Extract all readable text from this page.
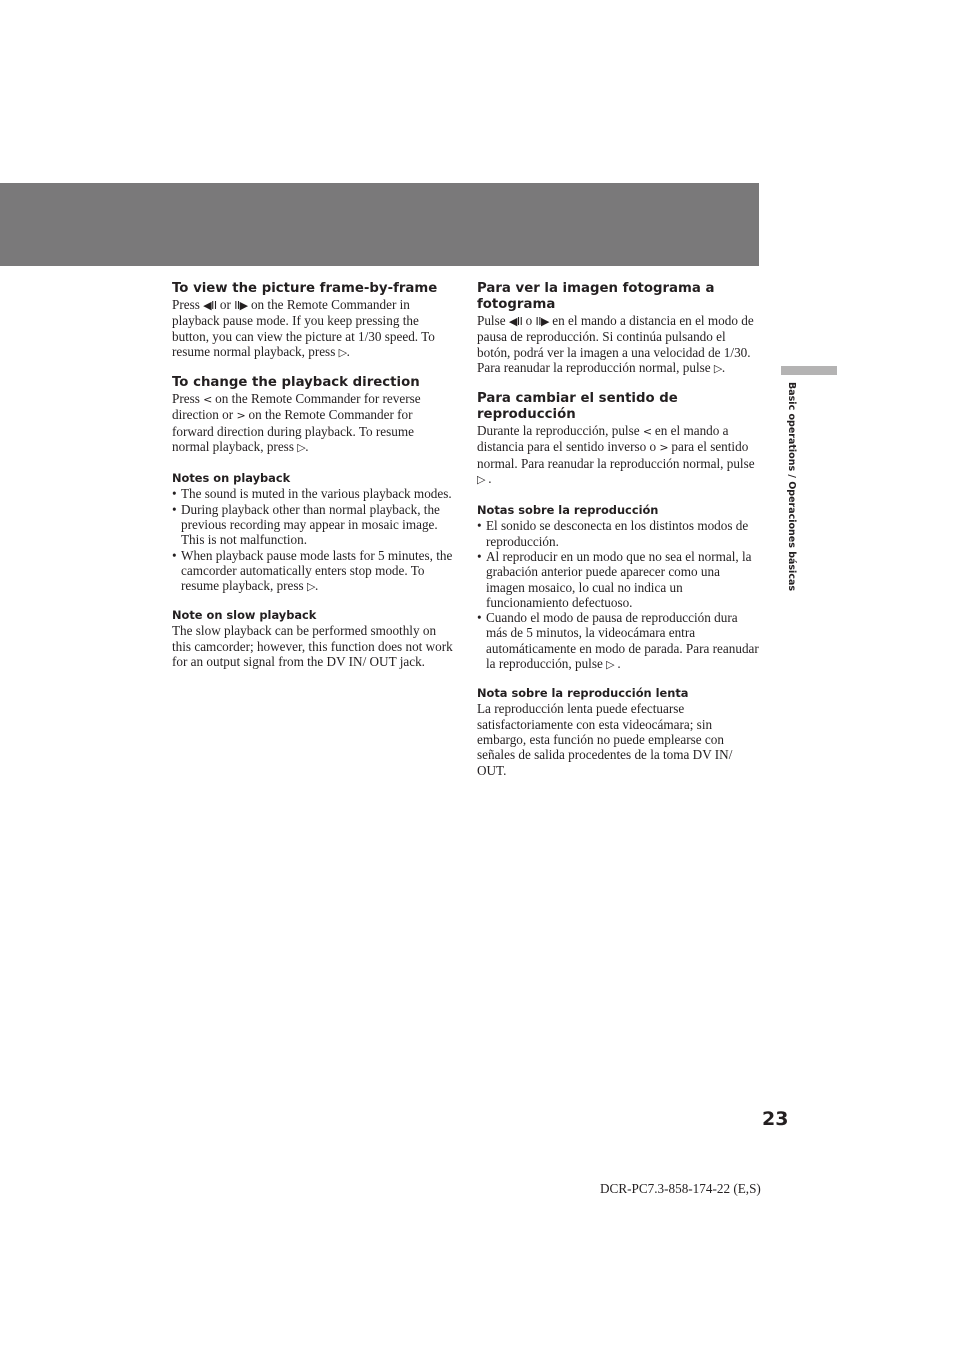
Basic operations / Operaciones básicas
To view the picture frame-by-frame

Press ◀II or II▶ on the Remote Commander in playback pause mode. If you keep pressing the button, you can view the picture at 1/30 speed. To resume normal playback, press ▷.

To change the playback direction

Press < on the Remote Commander for reverse direction or > on the Remote Commander for forward direction during playback. To resume normal playback, press ▷.

Notes on playback
• The sound is muted in the various playback modes.
• During playback other than normal playback, the previous recording may appear in mosaic image. This is not malfunction.
• When playback pause mode lasts for 5 minutes, the camcorder automatically enters stop mode. To resume playback, press ▷.
Note on slow playback

The slow playback can be performed smoothly on this camcorder; however, this function does not work for an output signal from the DV IN/ OUT jack.

Para ver la imagen fotograma a fotograma

Pulse ◀II o II▶ en el mando a distancia en el modo de pausa de reproducción. Si continúa pulsando el botón, podrá ver la imagen a una velocidad de 1/30.

Para reanudar la reproducción normal, pulse ▷.

Para cambiar el sentido de reproducción

Durante la reproducción, pulse < en el mando a distancia para el sentido inverso o > para el sentido normal. Para reanudar la reproducción normal, pulse ▷ .

Notas sobre la reproducción
• El sonido se desconecta en los distintos modos de reproducción.
• Al reproducir en un modo que no sea el normal, la grabación anterior puede aparecer como una imagen mosaico, lo cual no indica un funcionamiento defectuoso.
• Cuando el modo de pausa de reproducción dura más de 5 minutos, la videocámara entra automáticamente en modo de parada. Para reanudar la reproducción, pulse ▷ .
Nota sobre la reproducción lenta

La reproducción lenta puede efectuarse satisfactoriamente con esta videocámara; sin embargo, esta función no puede emplearse con señales de salida procedentes de la toma DV IN/ OUT.

23
DCR-PC7.3-858-174-22 (E,S)
